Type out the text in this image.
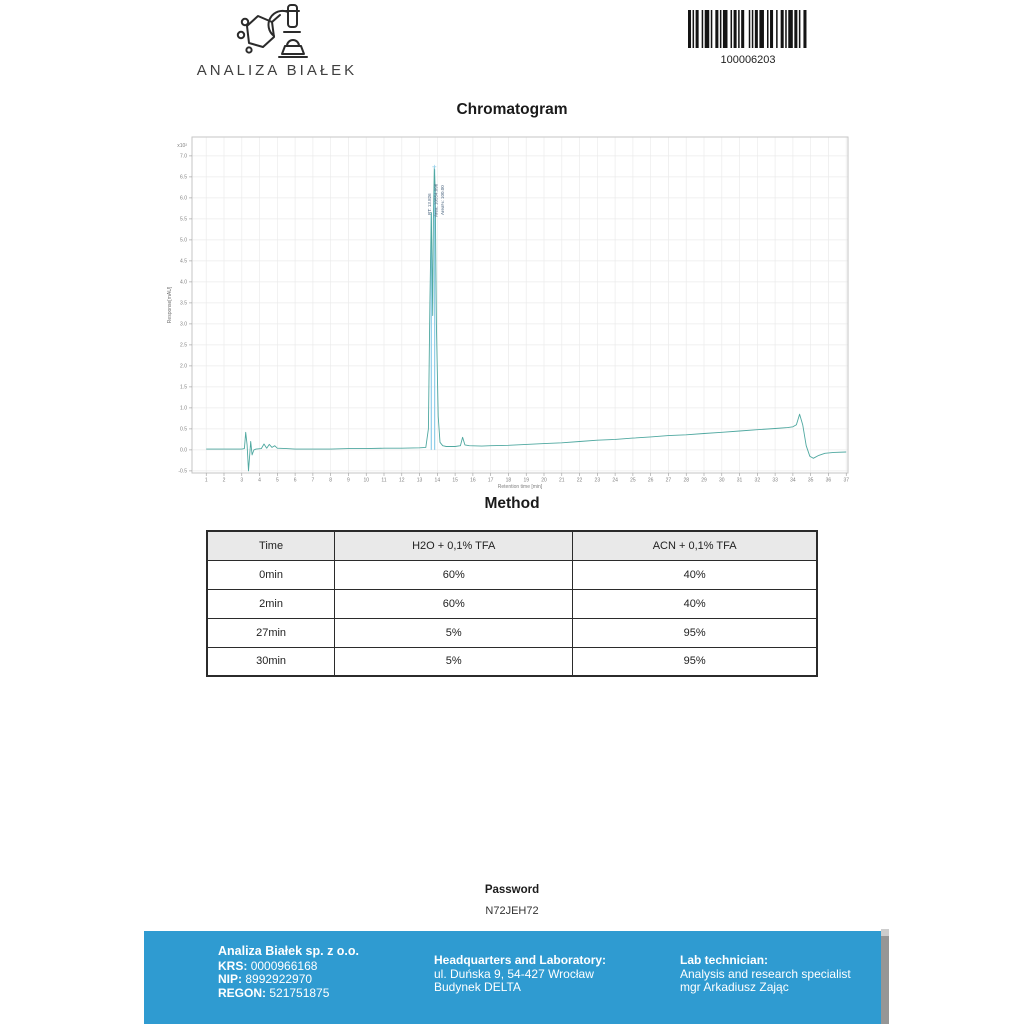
ANALIZA BIAŁEK
100006203
Chromatogram
1	2	3	4	5	6	7	8	9	10 11 12 13 14 15 16 17 18 19 20 21 22 23 24 25 26 27 28 29 30 31 32 33 34 35 36 37
Retention time [min]
-0.5
0.0
0.5
1.0
1.5
2.0
2.5
3.0
3.5
4.0
4.5
5.0
5.5
6.0
6.5
7.0
x10²
Response[mAU]
+
RT: 13.826 Area: 10554.096 Area%: 100.00
Method
Time	H2O + 0,1% TFA	ACN + 0,1% TFA
0min	60%	40%
2min	60%	40%
27min	5%	95%
30min	5%	95%
Password
N72JEH72
Analiza Białek sp. z o.o.
KRS: 0000966168
NIP: 8992922970
REGON: 521751875
Headquarters and Laboratory:
ul. Duńska 9, 54-427 Wrocław
Budynek DELTA
Lab technician:
Analysis and research specialist
mgr Arkadiusz Zając
